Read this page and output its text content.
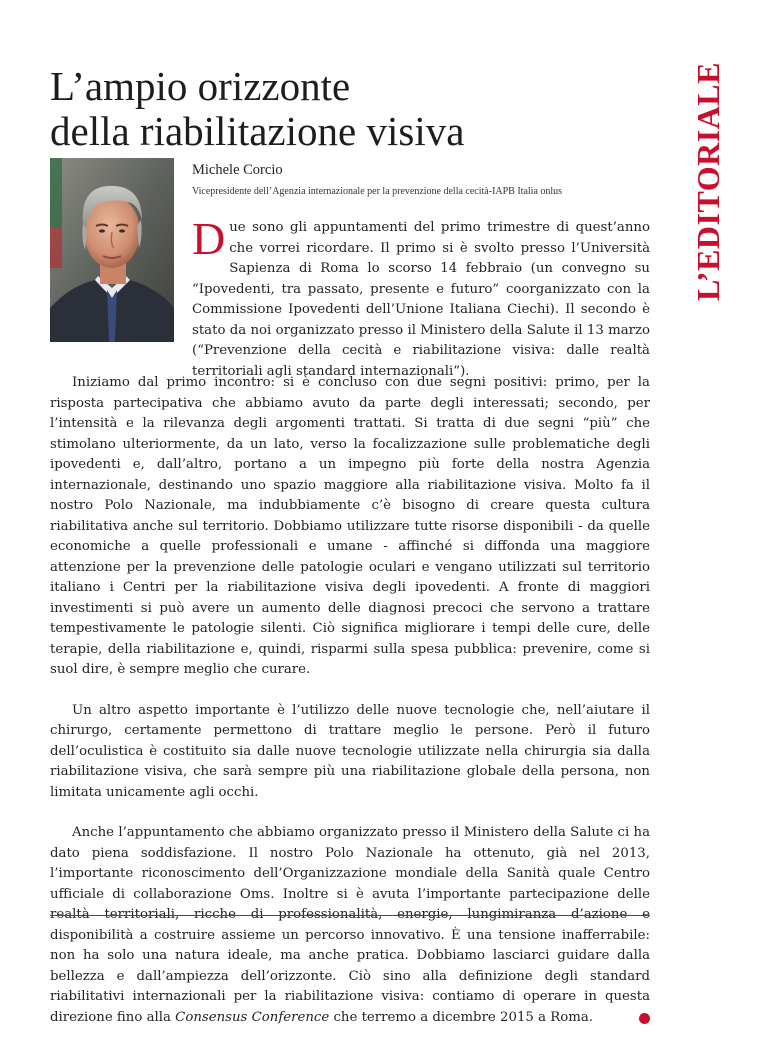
L’EDITORIALE
L’ampio orizzonte
della riabilitazione visiva
Michele Corcio
Vicepresidente dell’Agenzia internazionale per la prevenzione della cecità-IAPB Italia onlus

Due sono gli appuntamenti del primo trimestre di quest’anno che vorrei ricordare. Il primo si è svolto presso l’Università Sapienza di Roma lo scorso 14 febbraio (un convegno su “Ipovedenti, tra passato, presente e futuro” coorganizzato con la Commissione Ipovedenti dell’Unione Italiana Ciechi). Il secondo è stato da noi organizzato presso il Ministero della Salute il 13 marzo (“Prevenzione della cecità e riabilitazione visiva: dalle realtà territoriali agli standard internazionali”).

Iniziamo dal primo incontro: si è concluso con due segni positivi: primo, per la risposta partecipativa che abbiamo avuto da parte degli interessati; secondo, per l’intensità e la rilevanza degli argomenti trattati. Si tratta di due segni “più” che stimolano ulteriormente, da un lato, verso la focalizzazione sulle problematiche degli ipovedenti e, dall’altro, portano a un impegno più forte della nostra Agenzia internazionale, destinando uno spazio maggiore alla riabilitazione visiva. Molto fa il nostro Polo Nazionale, ma indubbiamente c’è bisogno di creare questa cultura riabilitativa anche sul territorio. Dobbiamo utilizzare tutte risorse disponibili - da quelle economiche a quelle professionali e umane - affinché si diffonda una maggiore attenzione per la prevenzione delle patologie oculari e vengano utilizzati sul territorio italiano i Centri per la riabilitazione visiva degli ipovedenti. A fronte di maggiori investimenti si può avere un aumento delle diagnosi precoci che servono a trattare tempestivamente le patologie silenti. Ciò significa migliorare i tempi delle cure, delle terapie, della riabilitazione e, quindi, risparmi sulla spesa pubblica: prevenire, come si suol dire, è sempre meglio che curare.

Un altro aspetto importante è l’utilizzo delle nuove tecnologie che, nell’aiutare il chirurgo, certamente permettono di trattare meglio le persone. Però il futuro dell’oculistica è costituito sia dalle nuove tecnologie utilizzate nella chirurgia sia dalla riabilitazione visiva, che sarà sempre più una riabilitazione globale della persona, non limitata unicamente agli occhi.

Anche l’appuntamento che abbiamo organizzato presso il Ministero della Salute ci ha dato piena soddisfazione. Il nostro Polo Nazionale ha ottenuto, già nel 2013, l’importante riconoscimento dell’Organizzazione mondiale della Sanità quale Centro ufficiale di collaborazione Oms. Inoltre si è avuta l’importante partecipazione delle realtà territoriali, ricche di professionalità, energie, lungimiranza d’azione e disponibilità a costruire assieme un percorso innovativo. È una tensione inafferrabile: non ha solo una natura ideale, ma anche pratica. Dobbiamo lasciarci guidare dalla bellezza e dall’ampiezza dell’orizzonte. Ciò sino alla definizione degli standard riabilitativi internazionali per la riabilitazione visiva: contiamo di operare in questa direzione fino alla Consensus Conference che terremo a dicembre 2015 a Roma.
